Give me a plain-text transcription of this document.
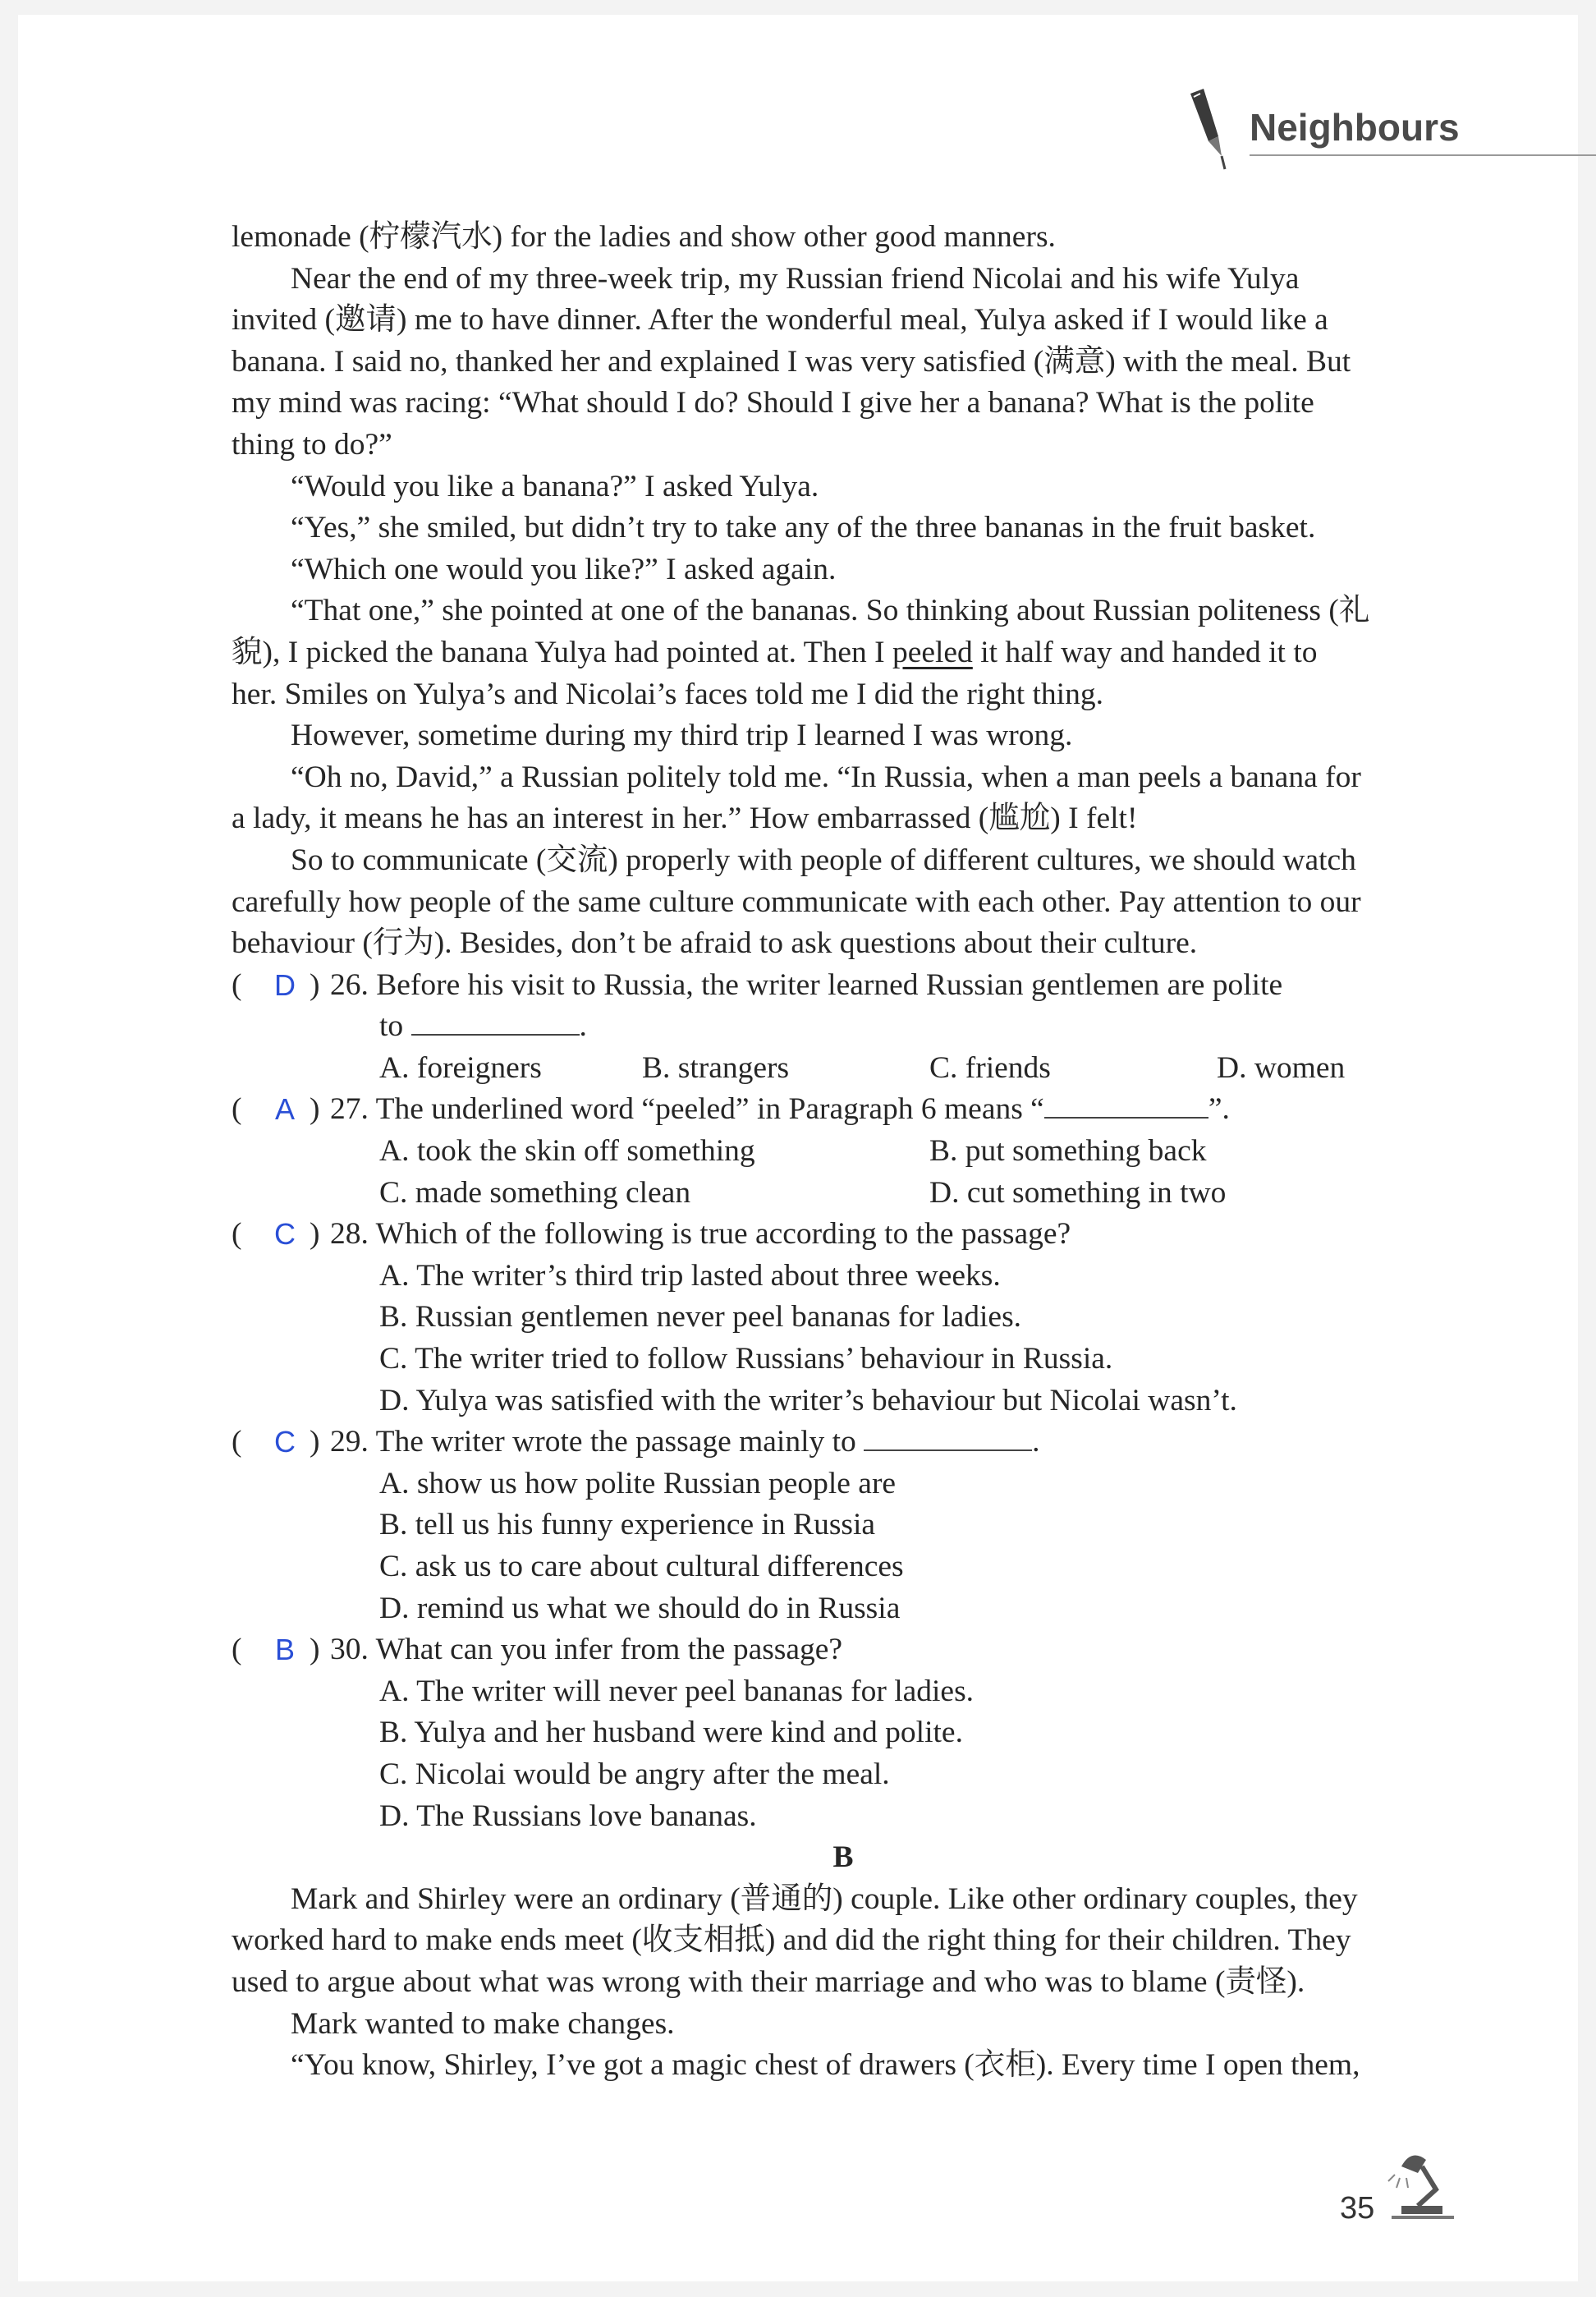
Neighbours
lemonade (柠檬汽水) for the ladies and show other good manners.
Near the end of my three-week trip, my Russian friend Nicolai and his wife Yulya
invited (邀请) me to have dinner. After the wonderful meal, Yulya asked if I would like a
banana. I said no, thanked her and explained I was very satisfied (满意) with the meal. But
my mind was racing: “What should I do? Should I give her a banana? What is the polite
thing to do?”
“Would you like a banana?” I asked Yulya.
“Yes,” she smiled, but didn’t try to take any of the three bananas in the fruit basket.
“Which one would you like?” I asked again.
“That one,” she pointed at one of the bananas. So thinking about Russian politeness (礼
貌), I picked the banana Yulya had pointed at. Then I peeled it half way and handed it to
her. Smiles on Yulya’s and Nicolai’s faces told me I did the right thing.
However, sometime during my third trip I learned I was wrong.
“Oh no, David,” a Russian politely told me. “In Russia, when a man peels a banana for
a lady, it means he has an interest in her.” How embarrassed (尴尬) I felt!
So to communicate (交流) properly with people of different cultures, we should watch
carefully how people of the same culture communicate with each other. Pay attention to our
behaviour (行为). Besides, don’t be afraid to ask questions about their culture.
(	D ) 26. Before his visit to Russia, the writer learned Russian gentlemen are polite
to	.
A. foreigners	B. strangers	C. friends	D. women
(	A ) 27. The underlined word “peeled” in Paragraph 6 means “	”.
A. took the skin off something	B. put something back
C. made something clean	D. cut something in two
(	C ) 28. Which of the following is true according to the passage?
A. The writer’s third trip lasted about three weeks.
B. Russian gentlemen never peel bananas for ladies.
C. The writer tried to follow Russians’ behaviour in Russia.
D. Yulya was satisfied with the writer’s behaviour but Nicolai wasn’t.
(	C ) 29. The writer wrote the passage mainly to	.
A. show us how polite Russian people are
B. tell us his funny experience in Russia
C. ask us to care about cultural differences
D. remind us what we should do in Russia
(	B ) 30. What can you infer from the passage?
A. The writer will never peel bananas for ladies.
B. Yulya and her husband were kind and polite.
C. Nicolai would be angry after the meal.
D. The Russians love bananas.
B
Mark and Shirley were an ordinary (普通的) couple. Like other ordinary couples, they
worked hard to make ends meet (收支相抵) and did the right thing for their children. They
used to argue about what was wrong with their marriage and who was to blame (责怪).
Mark wanted to make changes.
“You know, Shirley, I’ve got a magic chest of drawers (衣柜). Every time I open them,
35
